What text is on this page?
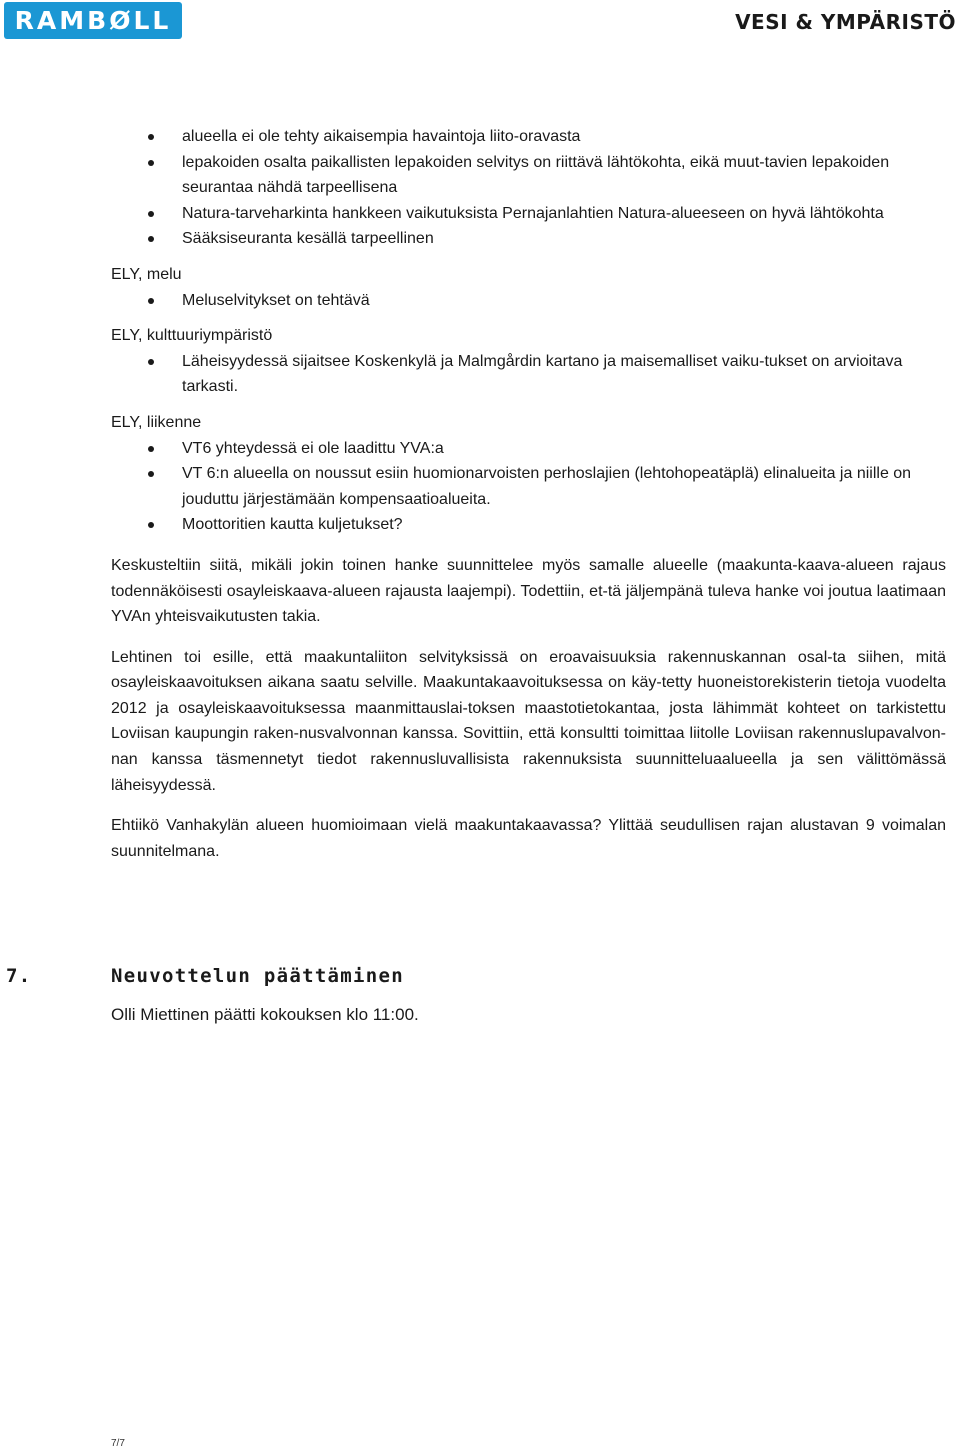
RAMBØLL	VESI & YMPÄRISTÖ
alueella ei ole tehty aikaisempia havaintoja liito-oravasta
lepakoiden osalta paikallisten lepakoiden selvitys on riittävä lähtökohta, eikä muut-tavien lepakoiden seurantaa nähdä tarpeellisena
Natura-tarveharkinta hankkeen vaikutuksista Pernajanlahtien Natura-alueeseen on hyvä lähtökohta
Sääksiseuranta kesällä tarpeellinen
ELY, melu
Meluselvitykset on tehtävä
ELY, kulttuuriympäristö
Läheisyydessä sijaitsee Koskenkylä ja Malmgårdin kartano ja maisemalliset vaiku-tukset on arvioitava tarkasti.
ELY, liikenne
VT6 yhteydessä ei ole laadittu YVA:a
VT 6:n alueella on noussut esiin huomionarvoisten perhoslajien (lehtohopeatäplä) elinalueita ja niille on jouduttu järjestämään kompensaatioalueita.
Moottoritien kautta kuljetukset?
Keskusteltiin siitä, mikäli jokin toinen hanke suunnittelee myös samalle alueelle (maakunta-kaava-alueen rajaus todennäköisesti osayleiskaava-alueen rajausta laajempi). Todettiin, et-tä jäljempänä tuleva hanke voi joutua laatimaan YVAn yhteisvaikutusten takia.
Lehtinen toi esille, että maakuntaliiton selvityksissä on eroavaisuuksia rakennuskannan osal-ta siihen, mitä osayleiskaavoituksen aikana saatu selville. Maakuntakaavoituksessa on käy-tetty huoneistorekisterin tietoja vuodelta 2012 ja osayleiskaavoituksessa maanmittauslai-toksen maastotietokantaa, josta lähimmät kohteet on tarkistettu Loviisan kaupungin raken-nusvalvonnan kanssa. Sovittiin, että konsultti toimittaa liitolle Loviisan rakennuslupavalvon-nan kanssa täsmennetyt tiedot rakennusluvallisista rakennuksista suunnitteluaalueella ja sen välittömässä läheisyydessä.
Ehtiikö Vanhakylän alueen huomioimaan vielä maakuntakaavassa? Ylittää seudullisen rajan alustavan 9 voimalan suunnitelmana.
7.	Neuvottelun päättäminen
Olli Miettinen päätti kokouksen klo 11:00.
7/7
